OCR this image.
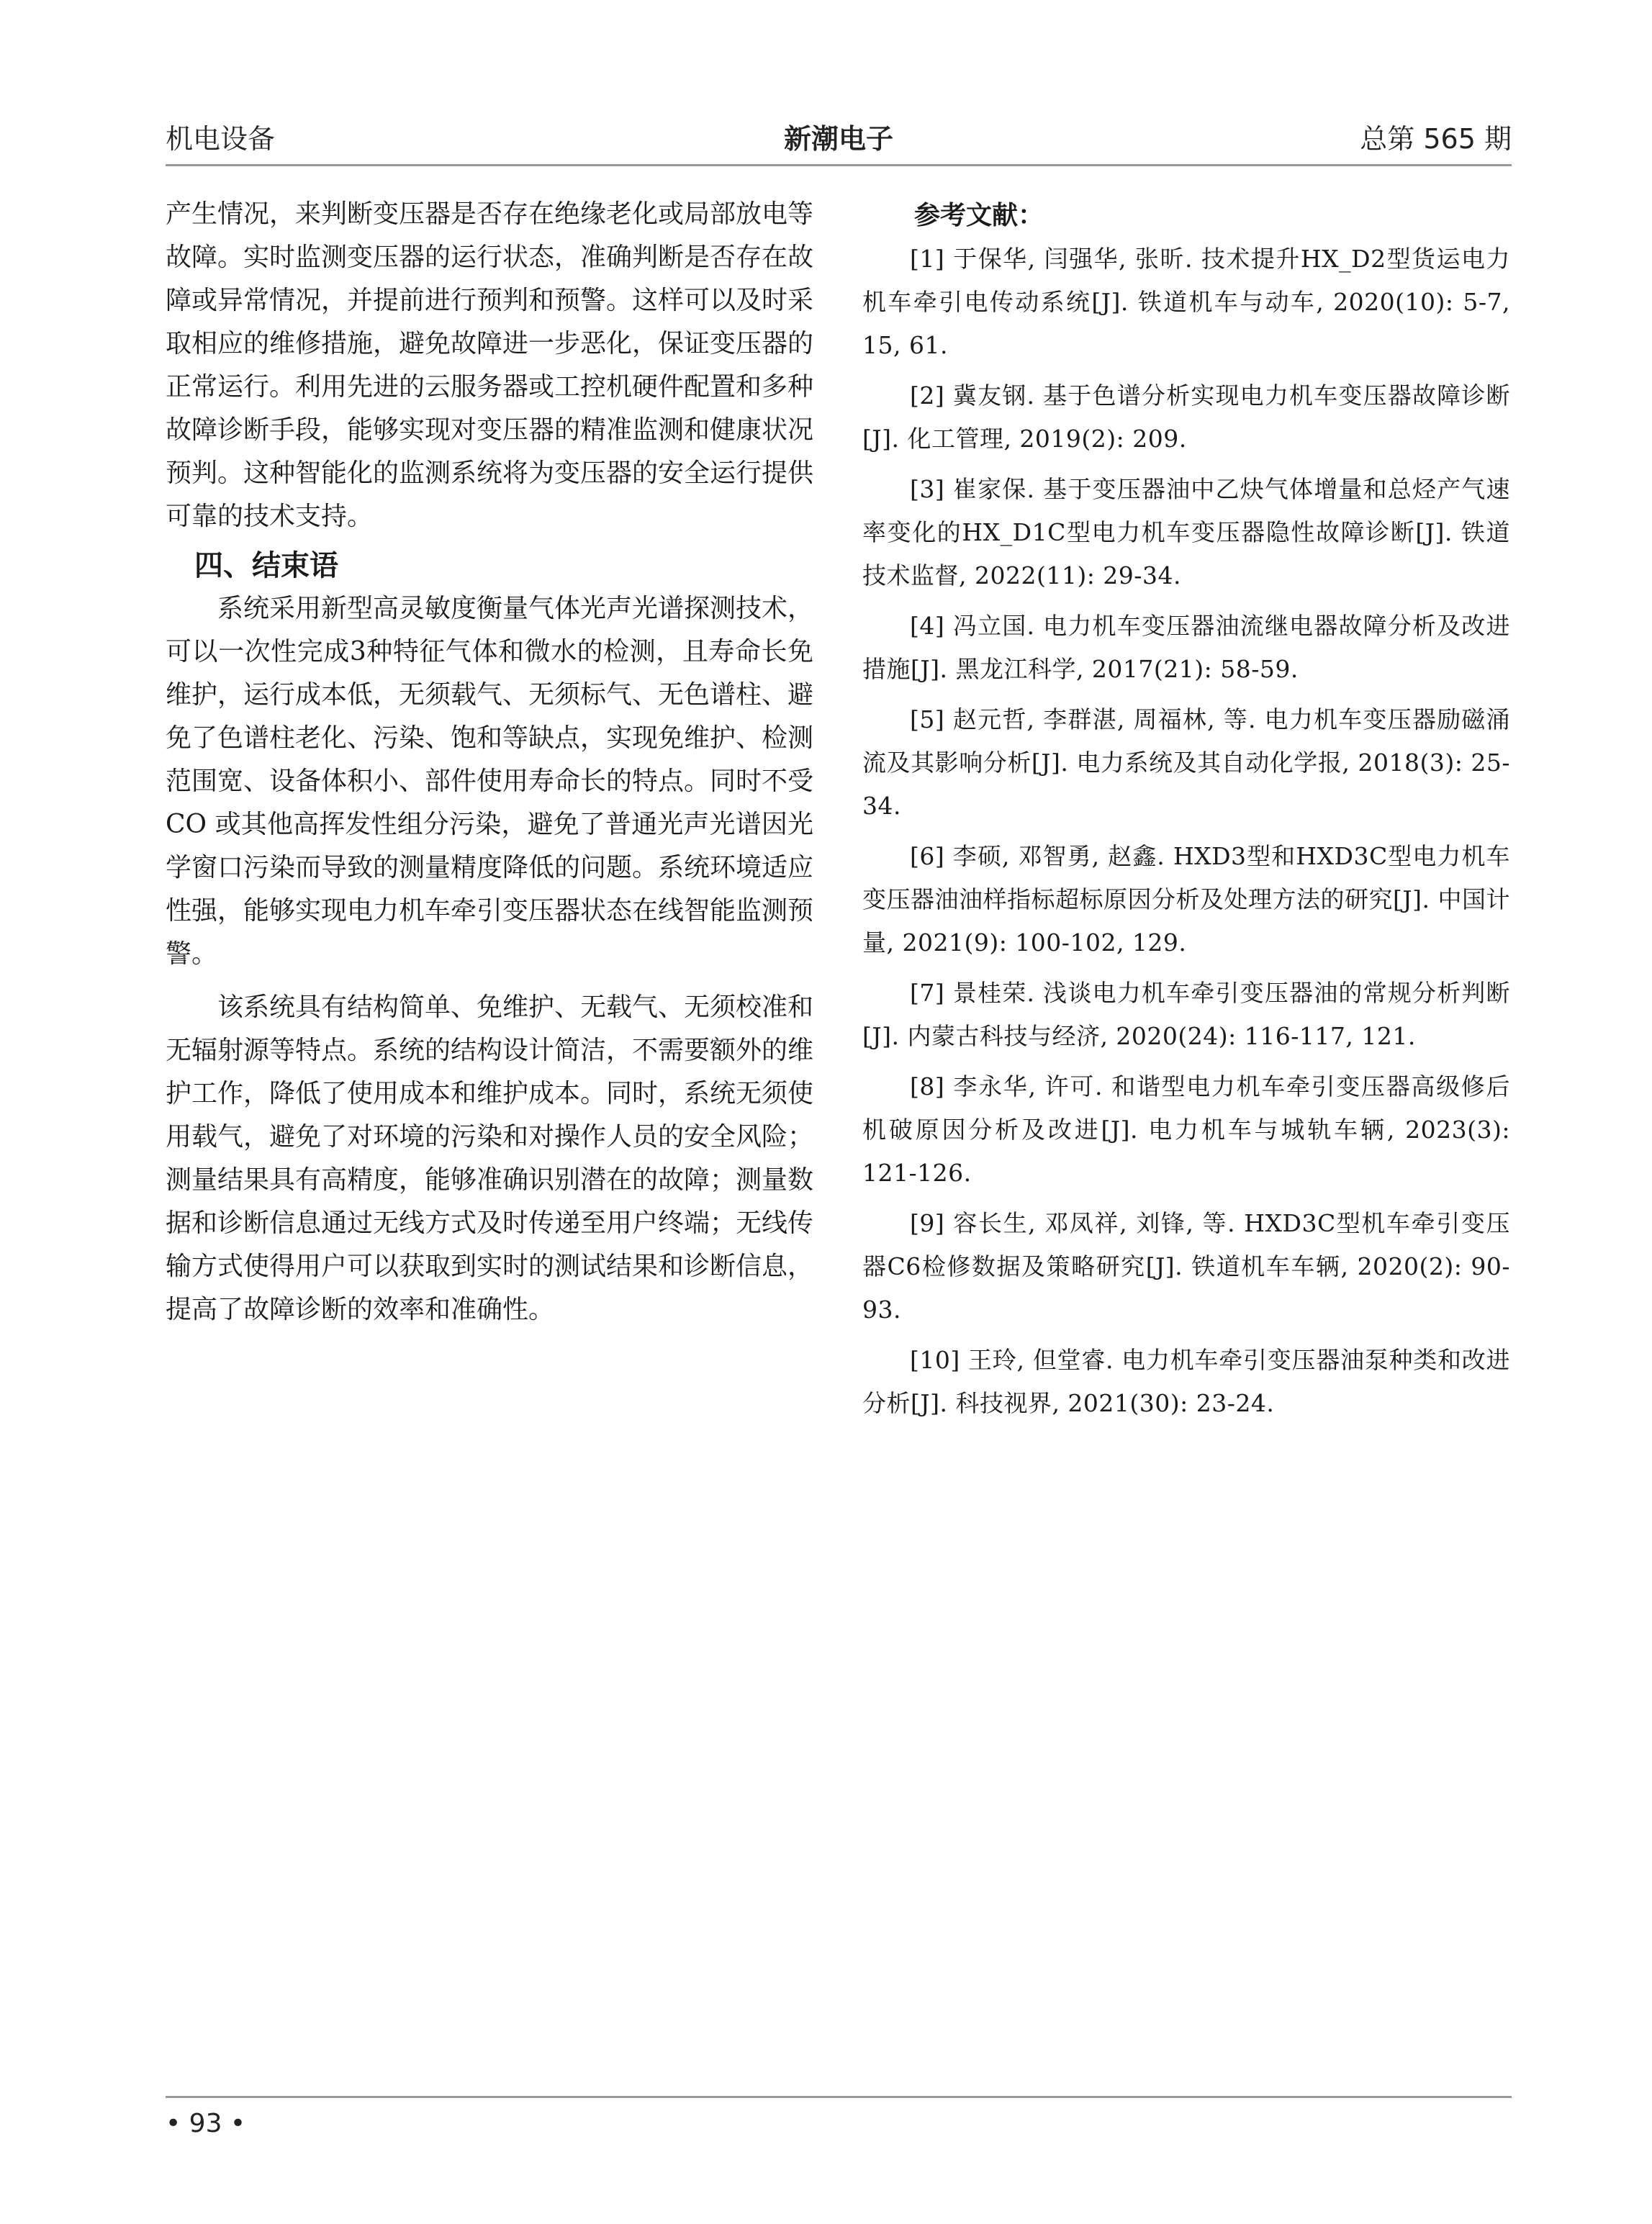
机电设备	新潮电子	总第 565 期

产生情况，来判断变压器是否存在绝缘老化或局部放电等故障。实时监测变压器的运行状态，准确判断是否存在故障或异常情况，并提前进行预判和预警。这样可以及时采取相应的维修措施，避免故障进一步恶化，保证变压器的正常运行。利用先进的云服务器或工控机硬件配置和多种故障诊断手段，能够实现对变压器的精准监测和健康状况预判。这种智能化的监测系统将为变压器的安全运行提供可靠的技术支持。

四、结束语

系统采用新型高灵敏度衡量气体光声光谱探测技术，可以一次性完成3种特征气体和微水的检测，且寿命长免维护，运行成本低，无须载气、无须标气、无色谱柱、避免了色谱柱老化、污染、饱和等缺点，实现免维护、检测范围宽、设备体积小、部件使用寿命长的特点。同时不受 CO 或其他高挥发性组分污染，避免了普通光声光谱因光学窗口污染而导致的测量精度降低的问题。系统环境适应性强，能够实现电力机车牵引变压器状态在线智能监测预警。

该系统具有结构简单、免维护、无载气、无须校准和无辐射源等特点。系统的结构设计简洁，不需要额外的维护工作，降低了使用成本和维护成本。同时，系统无须使用载气，避免了对环境的污染和对操作人员的安全风险；测量结果具有高精度，能够准确识别潜在的故障；测量数据和诊断信息通过无线方式及时传递至用户终端；无线传输方式使得用户可以获取到实时的测试结果和诊断信息，提高了故障诊断的效率和准确性。

参考文献：

[1] 于保华, 闫强华, 张昕. 技术提升HX_D2型货运电力机车牵引电传动系统[J]. 铁道机车与动车, 2020(10): 5-7, 15, 61.

[2] 冀友钢. 基于色谱分析实现电力机车变压器故障诊断[J]. 化工管理, 2019(2): 209.

[3] 崔家保. 基于变压器油中乙炔气体增量和总烃产气速率变化的HX_D1C型电力机车变压器隐性故障诊断[J]. 铁道技术监督, 2022(11): 29-34.

[4] 冯立国. 电力机车变压器油流继电器故障分析及改进措施[J]. 黑龙江科学, 2017(21): 58-59.

[5] 赵元哲, 李群湛, 周福林, 等. 电力机车变压器励磁涌流及其影响分析[J]. 电力系统及其自动化学报, 2018(3): 25-34.

[6] 李硕, 邓智勇, 赵鑫. HXD3型和HXD3C型电力机车变压器油油样指标超标原因分析及处理方法的研究[J]. 中国计量, 2021(9): 100-102, 129.

[7] 景桂荣. 浅谈电力机车牵引变压器油的常规分析判断[J]. 内蒙古科技与经济, 2020(24): 116-117, 121.

[8] 李永华, 许可. 和谐型电力机车牵引变压器高级修后机破原因分析及改进[J]. 电力机车与城轨车辆, 2023(3): 121-126.

[9] 容长生, 邓凤祥, 刘锋, 等. HXD3C型机车牵引变压器C6检修数据及策略研究[J]. 铁道机车车辆, 2020(2): 90-93.

[10] 王玲, 但堂睿. 电力机车牵引变压器油泵种类和改进分析[J]. 科技视界, 2021(30): 23-24.

• 93 •
